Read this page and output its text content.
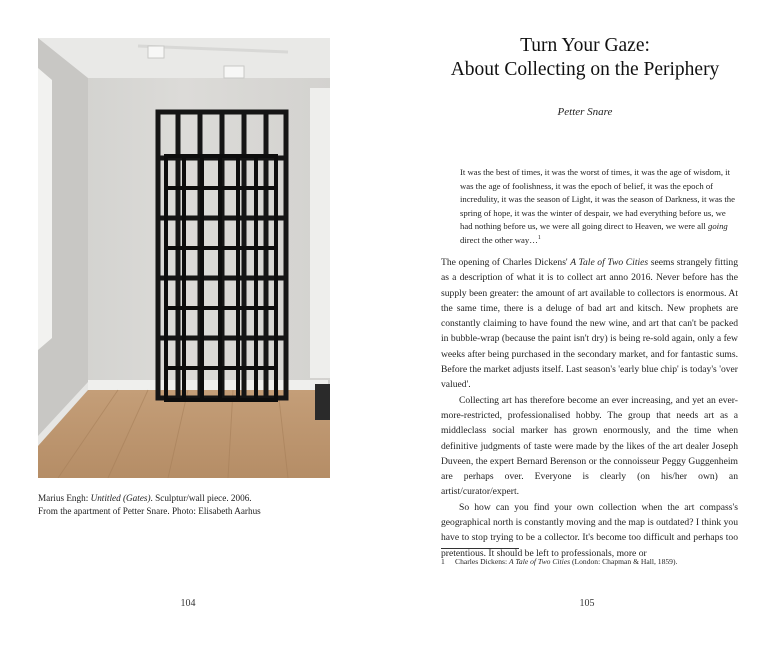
Marius Engh: Untitled (Gates). Sculptur/wall piece. 2006.
From the apartment of Petter Snare. Photo: Elisabeth Aarhus
104
Turn Your Gaze:
About Collecting on the Periphery
Petter Snare
It was the best of times, it was the worst of times, it was the age of wisdom, it was the age of foolishness, it was the epoch of belief, it was the epoch of incredulity, it was the season of Light, it was the season of Darkness, it was the spring of hope, it was the winter of despair, we had everything before us, we had nothing before us, we were all going direct to Heaven, we were all going direct the other way…$^1$

The opening of Charles Dickens' A Tale of Two Cities seems strangely fitting as a description of what it is to collect art anno 2016. Never before has the supply been greater: the amount of art available to collectors is enormous. At the same time, there is a deluge of bad art and kitsch. New prophets are constantly claiming to have found the new wine, and art that can't be packed in bubble-wrap (because the paint isn't dry) is being re-sold again, only a few weeks after being purchased in the secondary market, and for fantastic sums. Before the market adjusts itself. Last season's 'early blue chip' is today's 'over valued'.

Collecting art has therefore become an ever increasing, and yet an ever-more-restricted, professionalised hobby. The group that needs art as a middleclass social marker has grown enormously, and the time when definitive judgments of taste were made by the likes of the art dealer Joseph Duveen, the expert Bernard Berenson or the connoisseur Peggy Guggenheim are perhaps over. Everyone is clearly (on his/her own) an artist/curator/expert.

So how can you find your own collection when the art compass's geographical north is constantly moving and the map is outdated? I think you have to stop trying to be a collector. It's become too difficult and perhaps too pretentious. It should be left to professionals, more or

1 Charles Dickens: A Tale of Two Cities (London: Chapman & Hall, 1859).
105
